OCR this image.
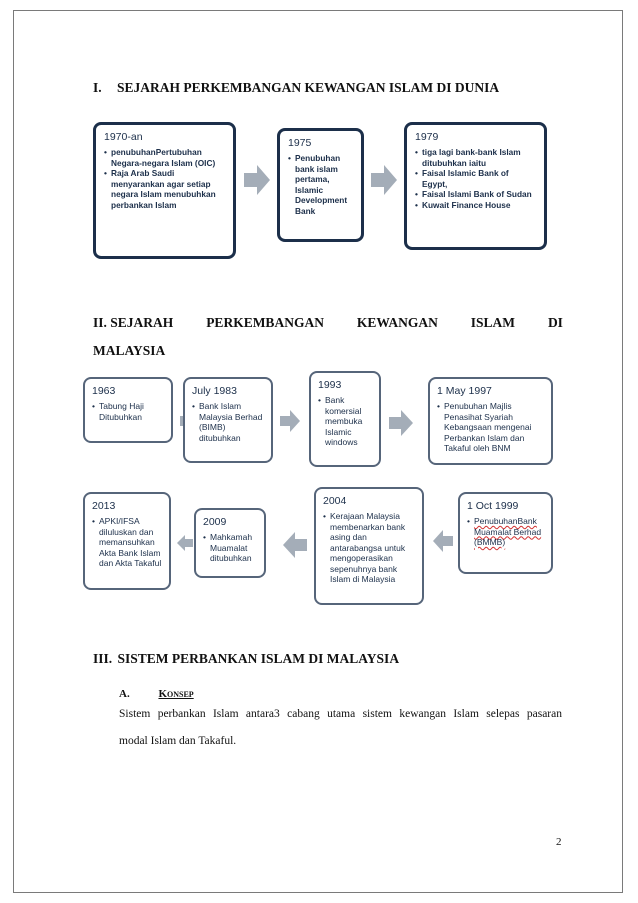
I. SEJARAH PERKEMBANGAN KEWANGAN ISLAM DI DUNIA
1970-an
• penubuhanPertubuhan Negara-negara Islam (OIC)
• Raja Arab Saudi menyarankan agar setiap negara Islam menubuhkan perbankan Islam
1975
• Penubuhan bank islam pertama, Islamic Development Bank
1979
• tiga lagi bank-bank Islam ditubuhkan iaitu
• Faisal Islamic Bank of Egypt,
• Faisal Islami Bank of Sudan
• Kuwait Finance House
II. SEJARAH PERKEMBANGAN KEWANGAN ISLAM DI
MALAYSIA
1963
• Tabung Haji Ditubuhkan
July 1983
• Bank Islam Malaysia Berhad (BIMB) ditubuhkan
1993
• Bank komersial membuka Islamic windows
1 May 1997
• Penubuhan Majlis Penasihat Syariah Kebangsaan mengenai Perbankan Islam dan Takaful oleh BNM
1 Oct 1999
• PenubuhanBank Muamalat Berhad (BMMB)
2004
• Kerajaan Malaysia membenarkan bank asing dan antarabangsa untuk mengoperasikan sepenuhnya bank Islam di Malaysia
2009
• Mahkamah Muamalat ditubuhkan
2013
• APKI/IFSA diluluskan dan memansuhkan Akta Bank Islam dan Akta Takaful
III. SISTEM PERBANKAN ISLAM DI MALAYSIA
A.	Konsep

Sistem perbankan Islam antara3 cabang utama sistem kewangan Islam selepas pasaran
modal Islam dan Takaful.

2
